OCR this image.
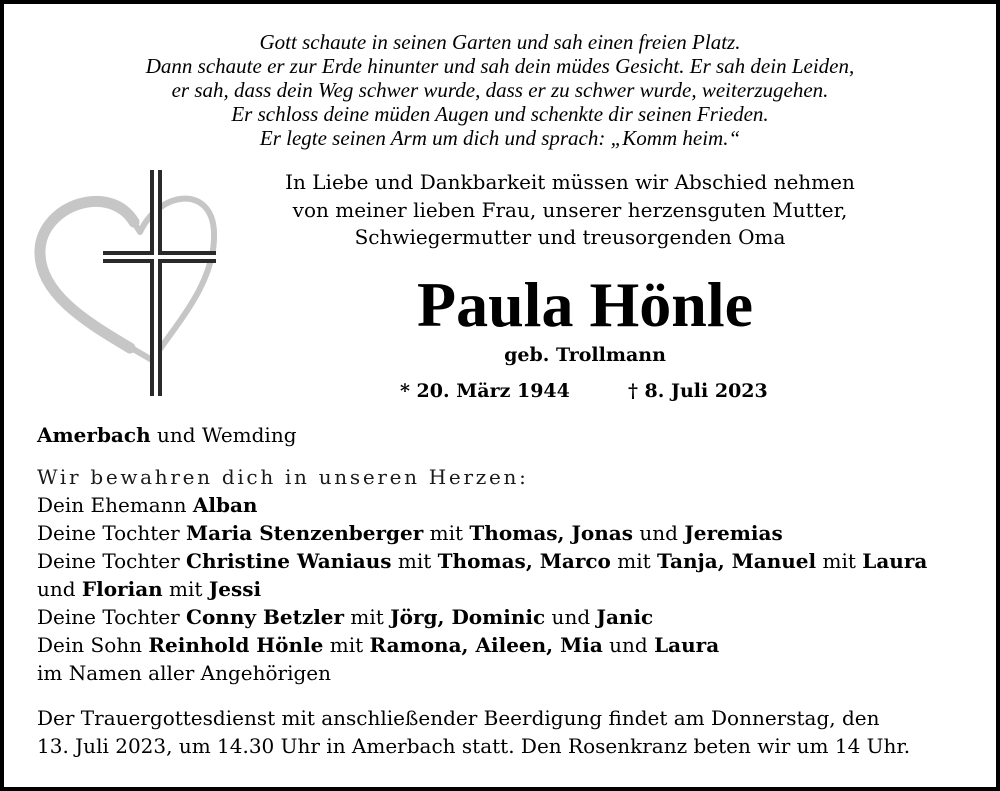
Gott schaute in seinen Garten und sah einen freien Platz.
Dann schaute er zur Erde hinunter und sah dein müdes Gesicht. Er sah dein Leiden,
er sah, dass dein Weg schwer wurde, dass er zu schwer wurde, weiterzugehen.
Er schloss deine müden Augen und schenkte dir seinen Frieden.
Er legte seinen Arm um dich und sprach: „Komm heim.“
In Liebe und Dankbarkeit müssen wir Abschied nehmen
von meiner lieben Frau, unserer herzensguten Mutter,
Schwiegermutter und treusorgenden Oma
Paula Hönle
geb. Trollmann
* 20. März 1944	† 8. Juli 2023
Amerbach und Wemding
Wir bewahren dich in unseren Herzen:
Dein Ehemann Alban
Deine Tochter Maria Stenzenberger mit Thomas, Jonas und Jeremias
Deine Tochter Christine Waniaus mit Thomas, Marco mit Tanja, Manuel mit Laura
und Florian mit Jessi
Deine Tochter Conny Betzler mit Jörg, Dominic und Janic
Dein Sohn Reinhold Hönle mit Ramona, Aileen, Mia und Laura
im Namen aller Angehörigen
Der Trauergottesdienst mit anschließender Beerdigung findet am Donnerstag, den
13. Juli 2023, um 14.30 Uhr in Amerbach statt. Den Rosenkranz beten wir um 14 Uhr.
